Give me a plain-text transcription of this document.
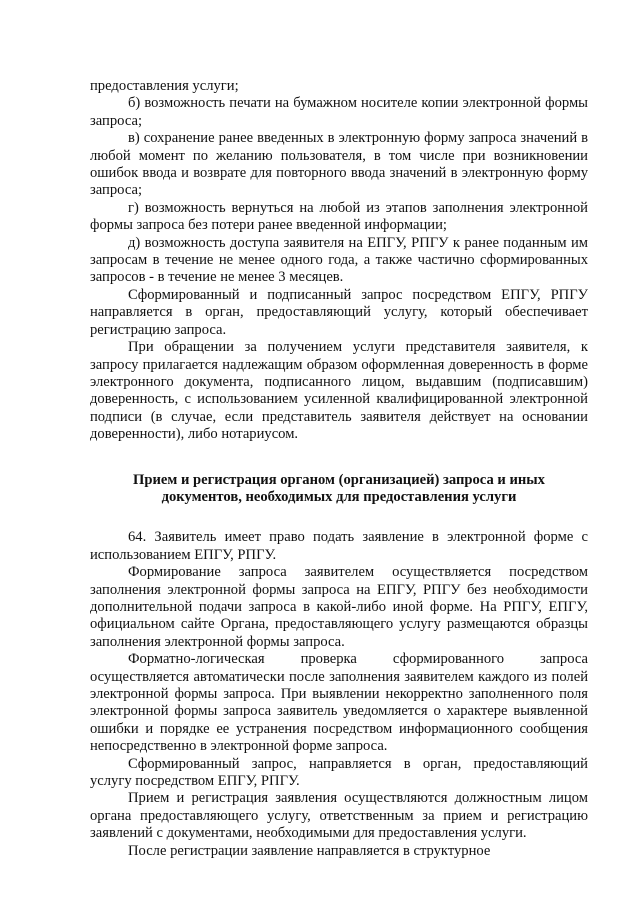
предоставления услуги;

б) возможность печати на бумажном носителе копии электронной формы запроса;

в) сохранение ранее введенных в электронную форму запроса значений в любой момент по желанию пользователя, в том числе при возникновении ошибок ввода и возврате для повторного ввода значений в электронную форму запроса;

г) возможность вернуться на любой из этапов заполнения электронной формы запроса без потери ранее введенной информации;

д) возможность доступа заявителя на ЕПГУ, РПГУ к ранее поданным им запросам в течение не менее одного года, а также частично сформированных запросов - в течение не менее 3 месяцев.

Сформированный и подписанный запрос посредством ЕПГУ, РПГУ направляется в орган, предоставляющий услугу, который обеспечивает регистрацию запроса.

При обращении за получением услуги представителя заявителя, к запросу прилагается надлежащим образом оформленная доверенность в форме электронного документа, подписанного лицом, выдавшим (подписавшим) доверенность, с использованием усиленной квалифицированной электронной подписи (в случае, если представитель заявителя действует на основании доверенности), либо нотариусом.

Прием и регистрация органом (организацией) запроса и иных
документов, необходимых для предоставления услуги

64. Заявитель имеет право подать заявление в электронной форме с использованием ЕПГУ, РПГУ.

Формирование запроса заявителем осуществляется посредством заполнения электронной формы запроса на ЕПГУ, РПГУ без необходимости дополнительной подачи запроса в какой-либо иной форме. На РПГУ, ЕПГУ, официальном сайте Органа, предоставляющего услугу размещаются образцы заполнения электронной формы запроса.

Форматно-логическая проверка сформированного запроса осуществляется автоматически после заполнения заявителем каждого из полей электронной формы запроса. При выявлении некорректно заполненного поля электронной формы запроса заявитель уведомляется о характере выявленной ошибки и порядке ее устранения посредством информационного сообщения непосредственно в электронной форме запроса.

Сформированный запрос, направляется в орган, предоставляющий услугу посредством ЕПГУ, РПГУ.

Прием и регистрация заявления осуществляются должностным лицом органа предоставляющего услугу, ответственным за прием и регистрацию заявлений с документами, необходимыми для предоставления услуги.

После регистрации заявление направляется в структурное
